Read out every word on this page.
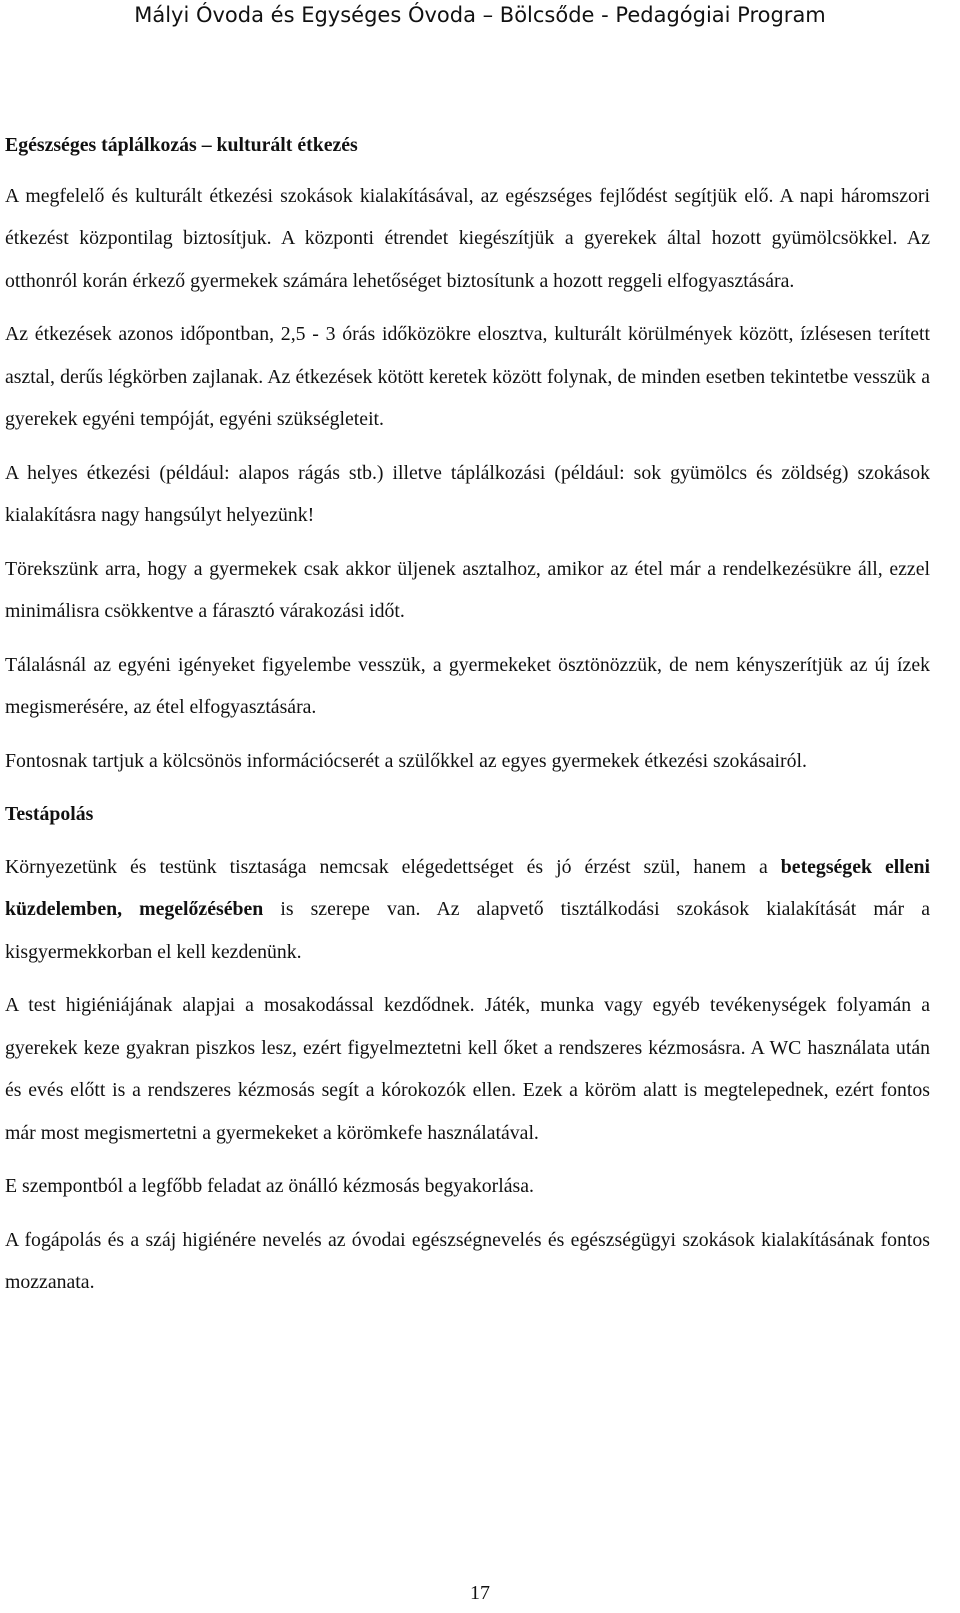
Mályi Óvoda és Egységes Óvoda – Bölcsőde - Pedagógiai Program
Egészséges táplálkozás – kulturált étkezés

A megfelelő és kulturált étkezési szokások kialakításával, az egészséges fejlődést segítjük elő. A napi háromszori étkezést központilag biztosítjuk. A központi étrendet kiegészítjük a gyerekek által hozott gyümölcsökkel. Az otthonról korán érkező gyermekek számára lehetőséget biztosítunk a hozott reggeli elfogyasztására.

Az étkezések azonos időpontban, 2,5 - 3 órás időközökre elosztva, kulturált körülmények között, ízlésesen terített asztal, derűs légkörben zajlanak. Az étkezések kötött keretek között folynak, de minden esetben tekintetbe vesszük a gyerekek egyéni tempóját, egyéni szükségleteit.

A helyes étkezési (például: alapos rágás stb.) illetve táplálkozási (például: sok gyümölcs és zöldség) szokások kialakításra nagy hangsúlyt helyezünk!

Törekszünk arra, hogy a gyermekek csak akkor üljenek asztalhoz, amikor az étel már a rendelkezésükre áll, ezzel minimálisra csökkentve a fárasztó várakozási időt.

Tálalásnál az egyéni igényeket figyelembe vesszük, a gyermekeket ösztönözzük, de nem kényszerítjük az új ízek megismerésére, az étel elfogyasztására.

Fontosnak tartjuk a kölcsönös információcserét a szülőkkel az egyes gyermekek étkezési szokásairól.

Testápolás

Környezetünk és testünk tisztasága nemcsak elégedettséget és jó érzést szül, hanem a betegségek elleni küzdelemben, megelőzésében is szerepe van. Az alapvető tisztálkodási szokások kialakítását már a kisgyermekkorban el kell kezdenünk.

A test higiéniájának alapjai a mosakodással kezdődnek. Játék, munka vagy egyéb tevékenységek folyamán a gyerekek keze gyakran piszkos lesz, ezért figyelmeztetni kell őket a rendszeres kézmosásra. A WC használata után és evés előtt is a rendszeres kézmosás segít a kórokozók ellen. Ezek a köröm alatt is megtelepednek, ezért fontos már most megismertetni a gyermekeket a körömkefe használatával.

E szempontból a legfőbb feladat az önálló kézmosás begyakorlása.

A fogápolás és a száj higiénére nevelés az óvodai egészségnevelés és egészségügyi szokások kialakításának fontos mozzanata.

17
